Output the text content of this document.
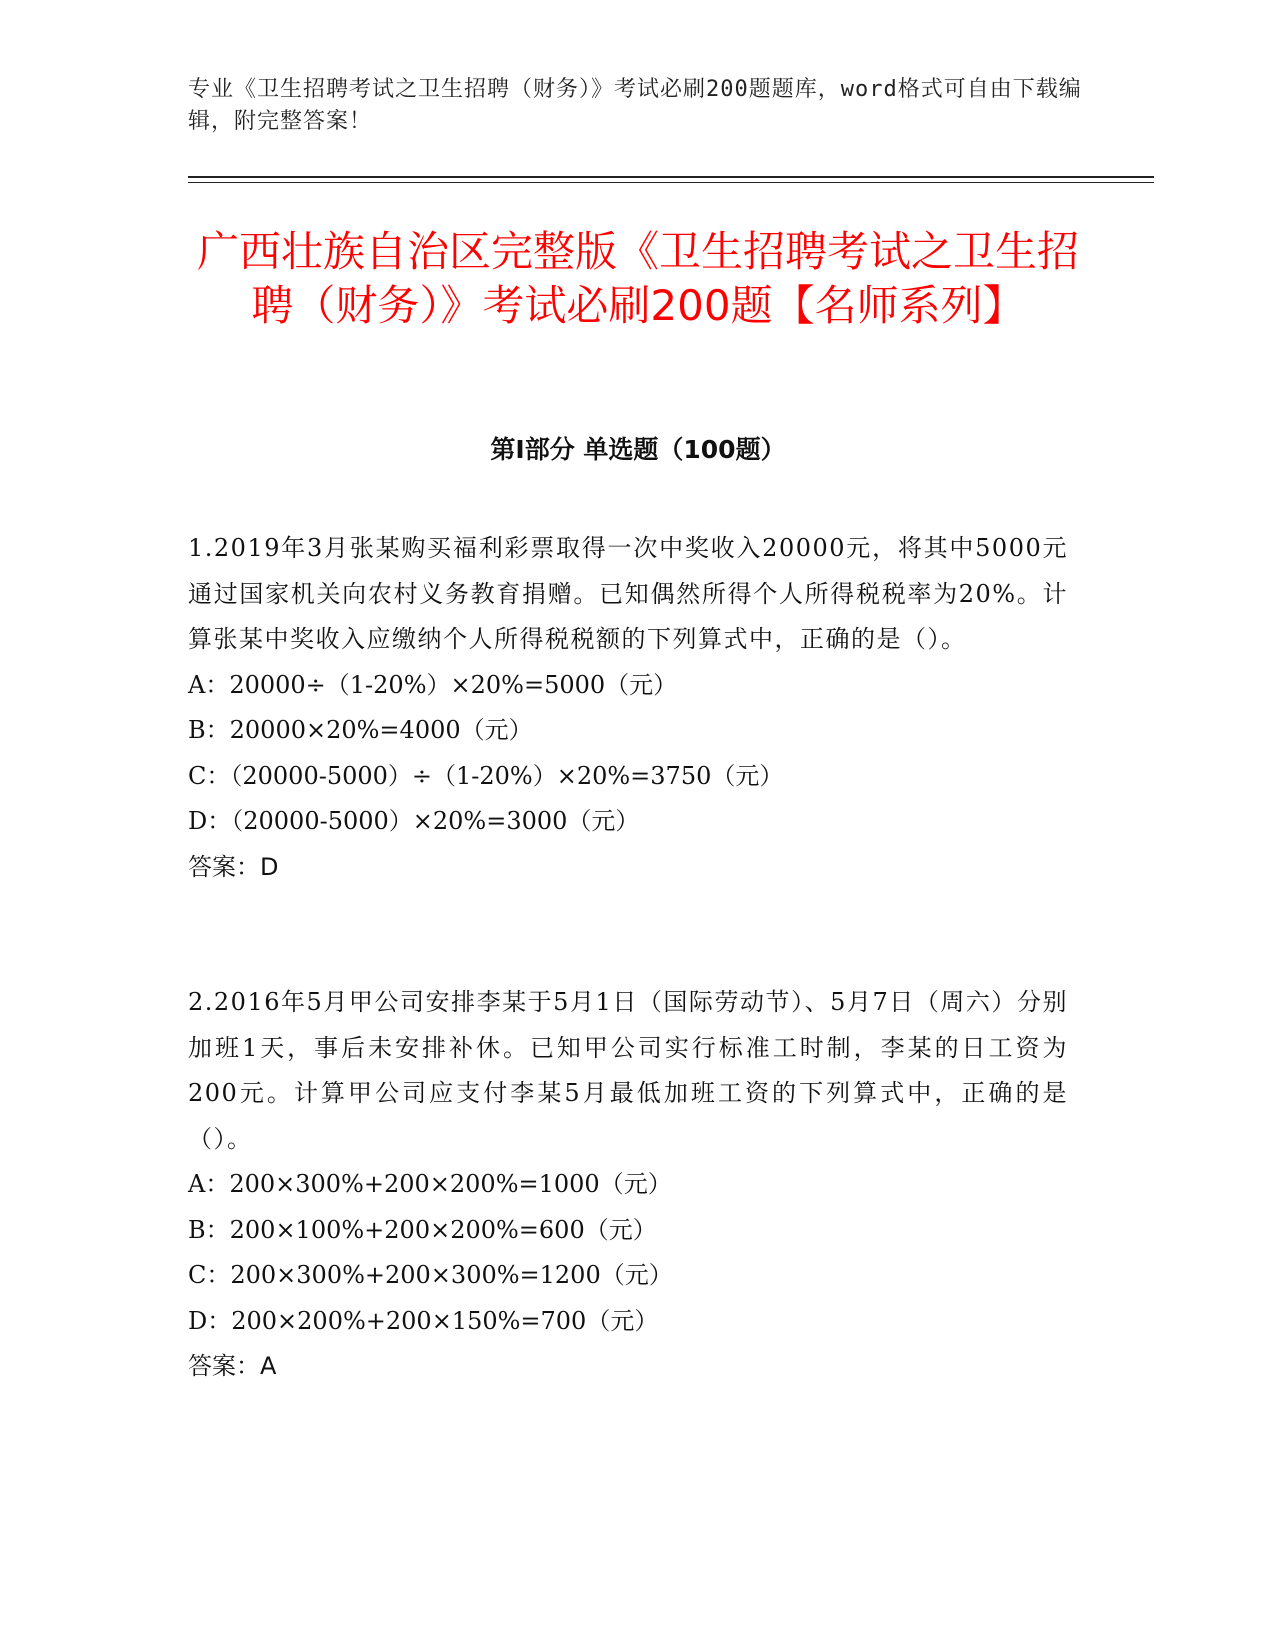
专业《卫生招聘考试之卫生招聘（财务）》考试必刷200题题库，word格式可自由下载编辑，附完整答案！
广西壮族自治区完整版《卫生招聘考试之卫生招聘（财务）》考试必刷200题【名师系列】
第Ⅰ部分 单选题（100题）

1.2019年3月张某购买福利彩票取得一次中奖收入20000元，将其中5000元通过国家机关向农村义务教育捐赠。已知偶然所得个人所得税税率为20%。计算张某中奖收入应缴纳个人所得税税额的下列算式中，正确的是（）。

A：20000÷（1-20%）×20%=5000（元）

B：20000×20%=4000（元）

C：（20000-5000）÷（1-20%）×20%=3750（元）

D：（20000-5000）×20%=3000（元）

答案：D

2.2016年5月甲公司安排李某于5月1日（国际劳动节）、5月7日（周六）分别加班1天，事后未安排补休。已知甲公司实行标准工时制，李某的日工资为200元。计算甲公司应支付李某5月最低加班工资的下列算式中，正确的是（）。

A：200×300%+200×200%=1000（元）

B：200×100%+200×200%=600（元）

C：200×300%+200×300%=1200（元）

D：200×200%+200×150%=700（元）

答案：A
